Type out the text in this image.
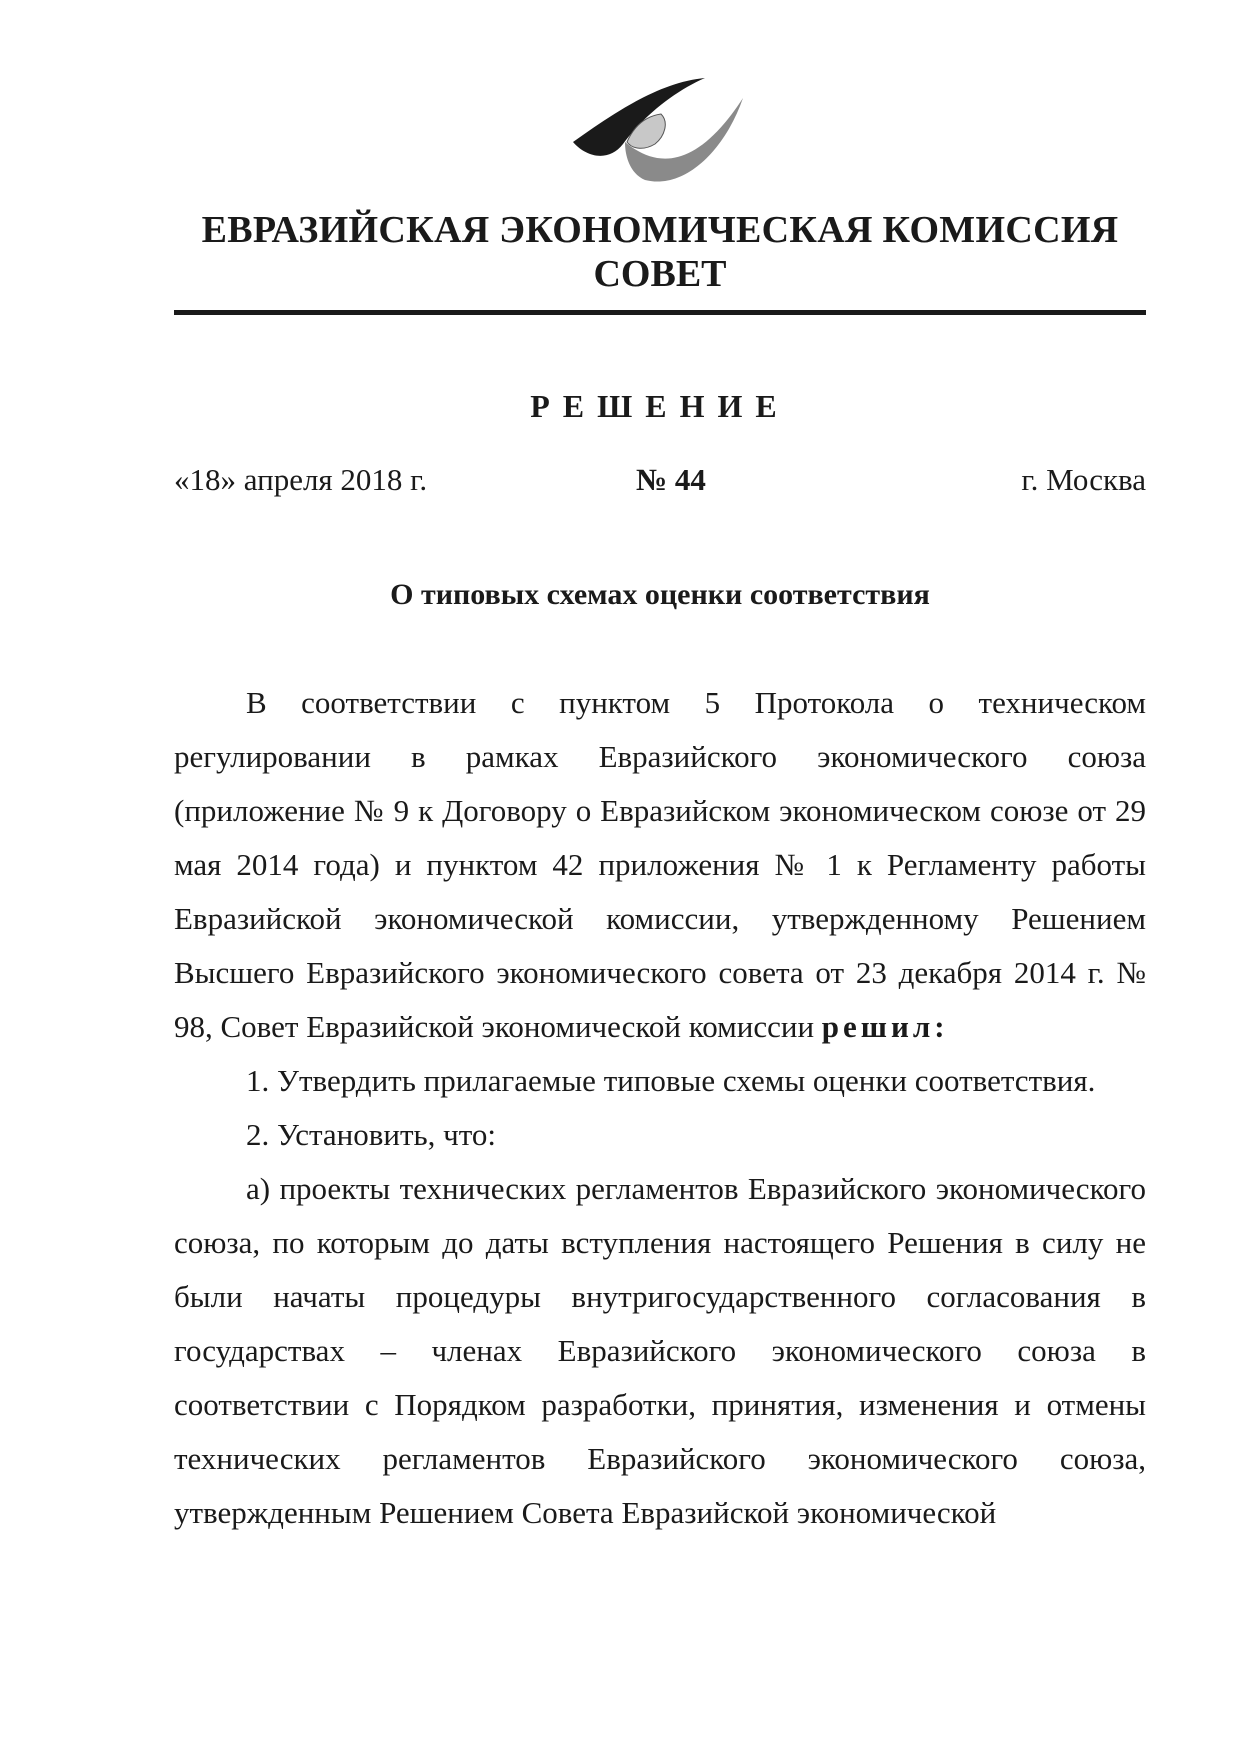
ЕВРАЗИЙСКАЯ ЭКОНОМИЧЕСКАЯ КОМИССИЯ
СОВЕТ
РЕШЕНИЕ
«18» апреля 2018 г.	№ 44	г. Москва
О типовых схемах оценки соответствия

В соответствии с пунктом 5 Протокола о техническом регулировании в рамках Евразийского экономического союза (приложение № 9 к Договору о Евразийском экономическом союзе от 29 мая 2014 года) и пунктом 42 приложения № 1 к Регламенту работы Евразийской экономической комиссии, утвержденному Решением Высшего Евразийского экономического совета от 23 декабря 2014 г. № 98, Совет Евразийской экономической комиссии решил:

1. Утвердить прилагаемые типовые схемы оценки соответствия.

2. Установить, что:

а) проекты технических регламентов Евразийского экономического союза, по которым до даты вступления настоящего Решения в силу не были начаты процедуры внутригосударственного согласования в государствах – членах Евразийского экономического союза в соответствии с Порядком разработки, принятия, изменения и отмены технических регламентов Евразийского экономического союза, утвержденным Решением Совета Евразийской экономической
